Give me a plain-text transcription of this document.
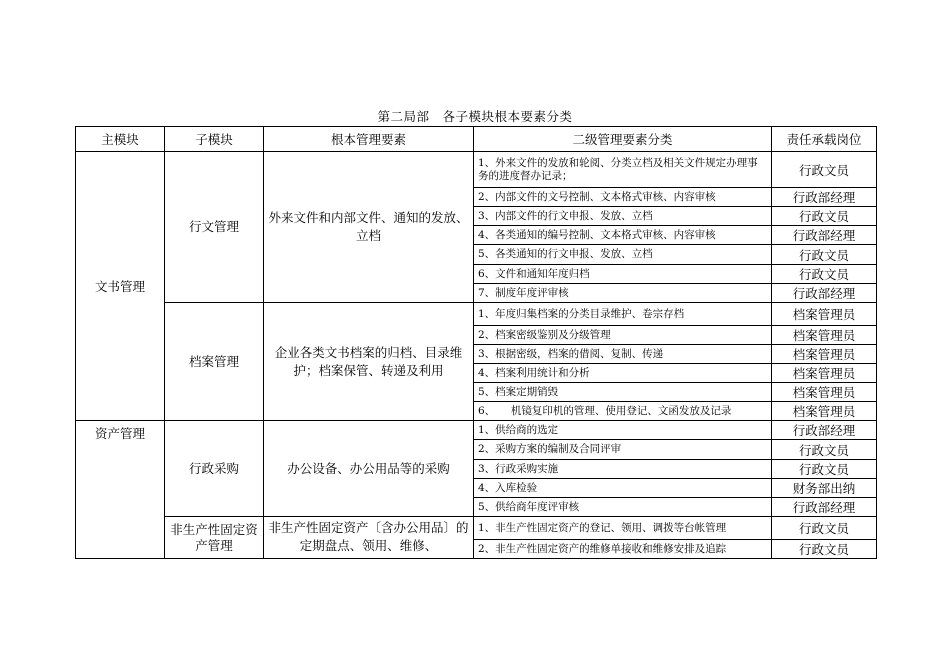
第二局部　各子模块根本要素分类
主模块	子模块	根本管理要素	二级管理要素分类	责任承载岗位
文书管理	行文管理	外来文件和内部文件、通知的发放、立档	1、外来文件的发放和轮阅、分类立档及相关文件规定办理事务的进度督办记录；	行政文员
			2、内部文件的文号控制、文本格式审核、内容审核	行政部经理
			3、内部文件的行文申报、发放、立档	行政文员
			4、各类通知的编号控制、文本格式审核、内容审核	行政部经理
			5、各类通知的行文申报、发放、立档	行政文员
			6、文件和通知年度归档	行政文员
			7、制度年度评审核	行政部经理
	档案管理	企业各类文书档案的归档、目录维护；档案保管、转递及利用	1、年度归集档案的分类目录维护、卷宗存档	档案管理员
			2、档案密级鉴别及分级管理	档案管理员
			3、根据密级，档案的借阅、复制、传递	档案管理员
			4、档案利用统计和分析	档案管理员
			5、档案定期销毁	档案管理员
			6、　　机镜复印机的管理、使用登记、文函发放及记录	档案管理员
资产管理	行政采购	办公设备、办公用品等的采购	1、供给商的选定	行政部经理
			2、采购方案的编制及合同评审	行政文员
			3、行政采购实施	行政文员
			4、入库检验	财务部出纳
			5、供给商年度评审核	行政部经理
	非生产性固定资产管理	非生产性固定资产〔含办公用品〕的定期盘点、领用、维修、	1、非生产性固定资产的登记、领用、调拨等台帐管理	行政文员
			2、非生产性固定资产的维修单接收和维修安排及追踪	行政文员
